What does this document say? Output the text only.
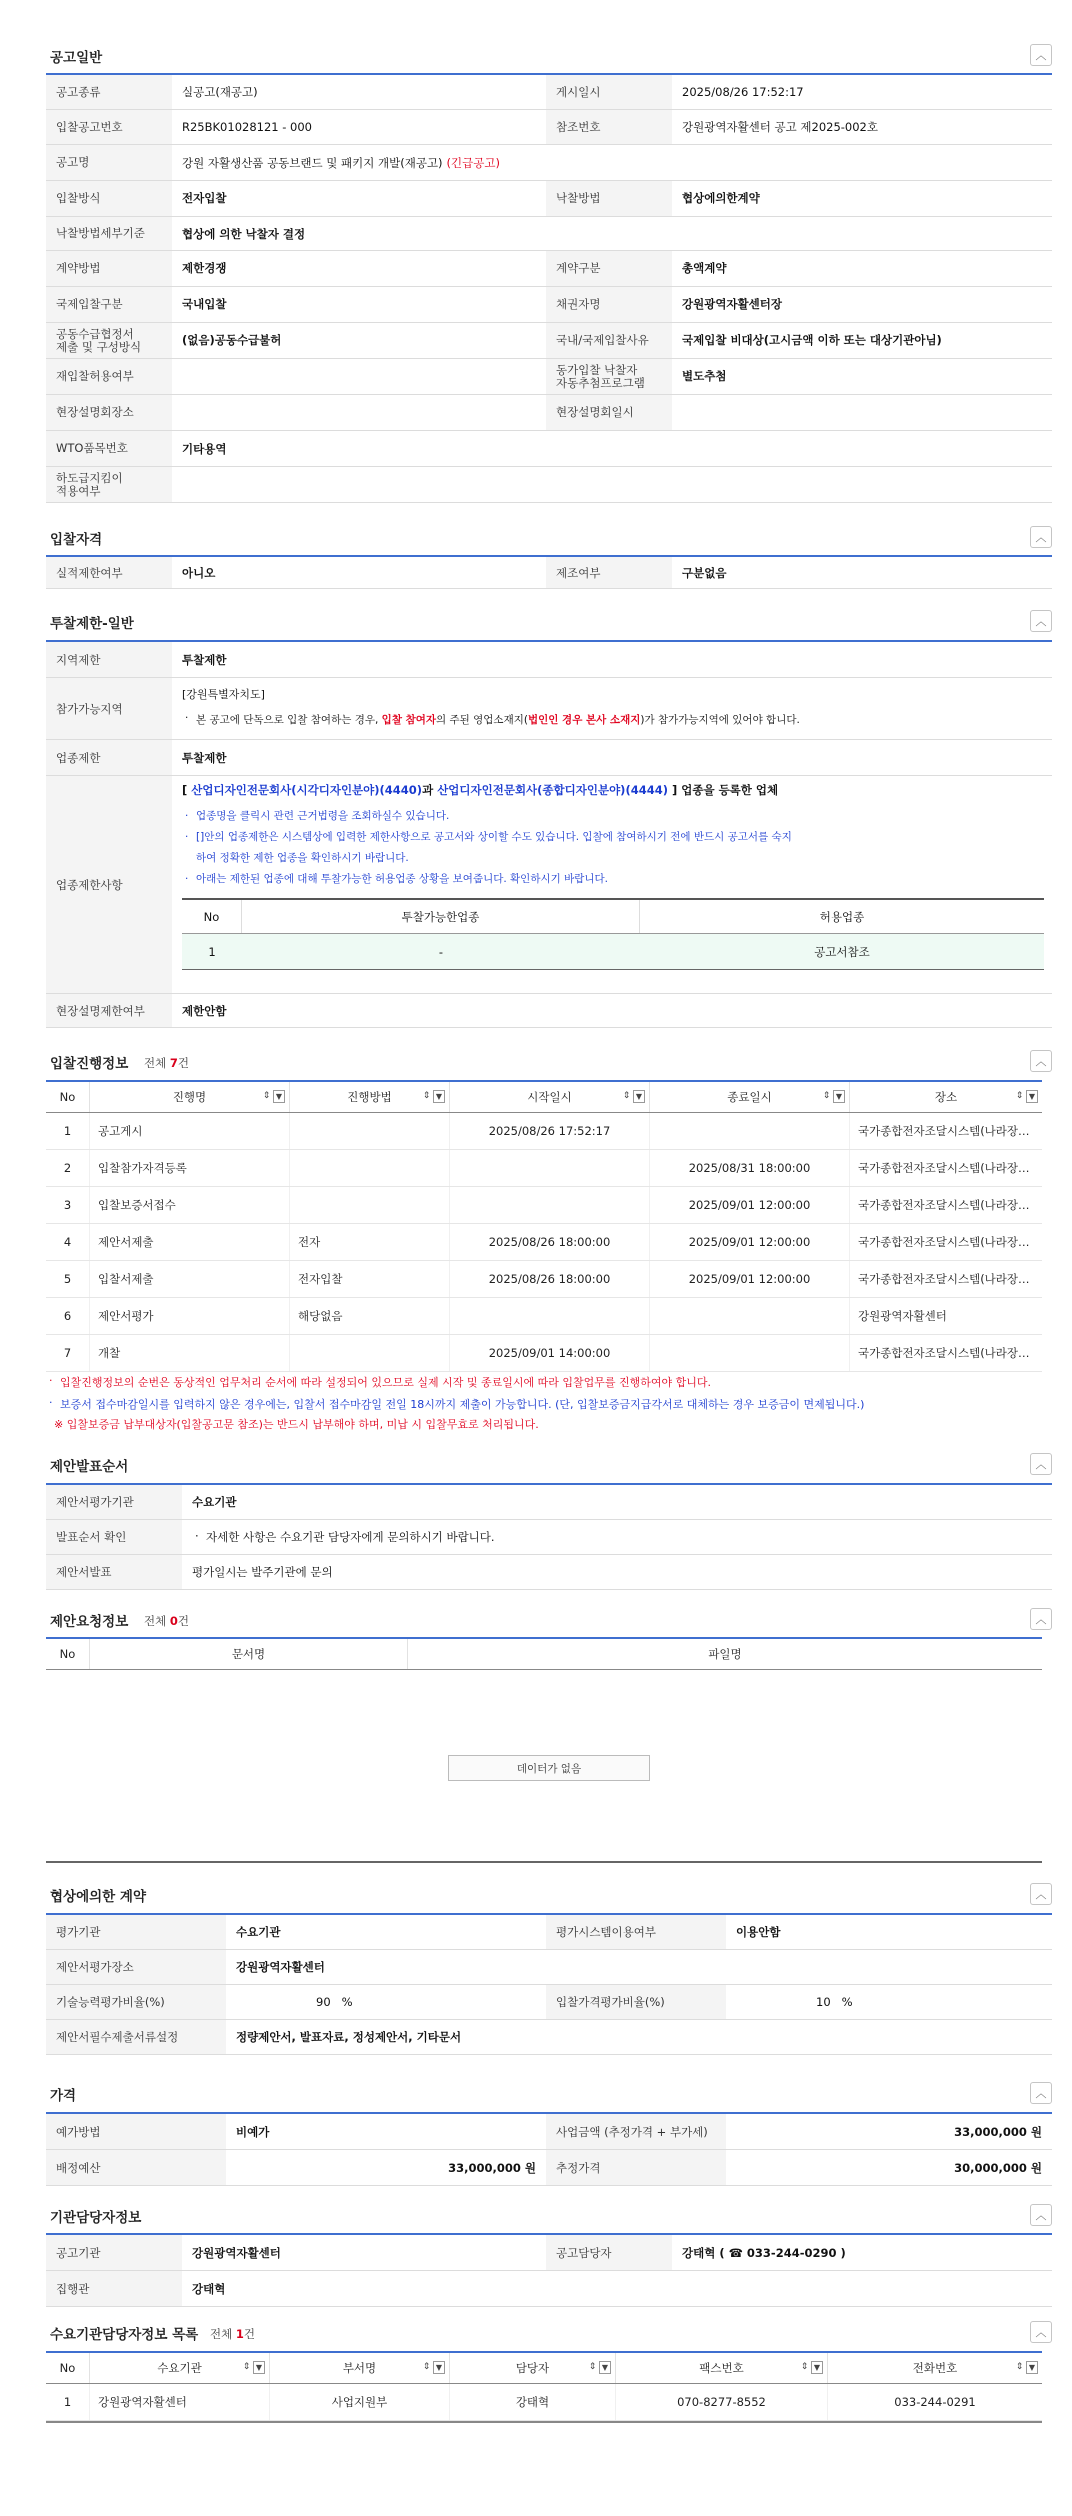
공고일반	︿
공고종류	실공고(재공고)	게시일시	2025/08/26 17:52:17
입찰공고번호	R25BK01028121 - 000	참조번호	강원광역자활센터 공고 제2025-002호
공고명	강원 자활생산품 공동브랜드 및 패키지 개발(재공고) (긴급공고)
입찰방식	전자입찰	낙찰방법	협상에의한계약
낙찰방법세부기준	협상에 의한 낙찰자 결정
계약방법	제한경쟁	계약구분	총액계약
국제입찰구분	국내입찰	채권자명	강원광역자활센터장
공동수급협정서
제출 및 구성방식	(없음)공동수급불허	국내/국제입찰사유	국제입찰 비대상(고시금액 이하 또는 대상기관아님)
재입찰허용여부	동가입찰 낙찰자
자동추첨프로그램	별도추첨
현장설명회장소	현장설명회일시
WTO품목번호	기타용역
하도급지킴이
적용여부
입찰자격	︿
실적제한여부	아니오	제조여부	구분없음
투찰제한-일반	︿
지역제한	투찰제한
참가가능지역
[강원특별자치도]
· 본 공고에 단독으로 입찰 참여하는 경우, 입찰 참여자의 주된 영업소재지(법인인 경우 본사 소재지)가 참가가능지역에 있어야 합니다.
업종제한	투찰제한
업종제한사항
[ 산업디자인전문회사(시각디자인분야)(4440)과 산업디자인전문회사(종합디자인분야)(4444) ] 업종을 등록한 업체
· 업종명을 클릭시 관련 근거법령을 조회하실수 있습니다.
· []안의 업종제한은 시스템상에 입력한 제한사항으로 공고서와 상이할 수도 있습니다. 입찰에 참여하시기 전에 반드시 공고서를 숙지
하여 정확한 제한 업종을 확인하시기 바랍니다.
· 아래는 제한된 업종에 대해 투찰가능한 허용업종 상황을 보여줍니다. 확인하시기 바랍니다.
No	투찰가능한업종	허용업종
1	-	공고서참조
현장설명제한여부	제한안함
입찰진행정보 전체 7건	︿
No	진행명	⇕ ▼	진행방법	⇕ ▼	시작일시	⇕ ▼	종료일시	⇕ ▼	장소	⇕ ▼
1	공고게시	2025/08/26 17:52:17	국가종합전자조달시스템(나라장…
2	입찰참가자격등록	2025/08/31 18:00:00	국가종합전자조달시스템(나라장…
3	입찰보증서접수	2025/09/01 12:00:00	국가종합전자조달시스템(나라장…
4	제안서제출	전자	2025/08/26 18:00:00	2025/09/01 12:00:00	국가종합전자조달시스템(나라장…
5	입찰서제출	전자입찰	2025/08/26 18:00:00	2025/09/01 12:00:00	국가종합전자조달시스템(나라장…
6	제안서평가	해당없음	강원광역자활센터
7	개찰	2025/09/01 14:00:00	국가종합전자조달시스템(나라장…
· 입찰진행정보의 순번은 동상적인 업무처리 순서에 따라 설정되어 있으므로 실제 시작 및 종료일시에 따라 입찰업무를 진행하여야 합니다.
· 보증서 접수마감일시를 입력하지 않은 경우에는, 입찰서 접수마감일 전일 18시까지 제출이 가능합니다. (단, 입찰보증금지급각서로 대체하는 경우 보증금이 면제됩니다.)
※ 입찰보증금 납부대상자(입찰공고문 참조)는 반드시 납부해야 하며, 미납 시 입찰무효로 처리됩니다.
제안발표순서	︿
제안서평가기관	수요기관
발표순서 확인
·	자세한 사항은 수요기관 담당자에게 문의하시기 바랍니다.
제안서발표	평가일시는 발주기관에 문의
제안요청정보 전체 0건	︿
No	문서명	파일명
데이터가 없음
협상에의한 계약	︿
평가기관	수요기관	평가시스템이용여부	이용안함
제안서평가장소	강원광역자활센터
기술능력평가비율(%)	90
%	입찰가격평가비율(%)	10
%
제안서필수제출서류설정	정량제안서, 발표자료, 정성제안서, 기타문서
가격	︿
예가방법	비예가	사업금액 (추정가격 + 부가세)	33,000,000 원
배정예산	33,000,000 원	추정가격	30,000,000 원
기관담당자정보	︿
공고기관	강원광역자활센터	공고담당자	강태혁 ( ☎ 033-244-0290 )
집행관	강태혁
수요기관담당자정보 목록 전체 1건	︿
No	수요기관	⇕ ▼	부서명	⇕ ▼	담당자	⇕ ▼	팩스번호	⇕ ▼	전화번호	⇕ ▼
1	강원광역자활센터	사업지원부	강태혁	070-8277-8552	033-244-0291
